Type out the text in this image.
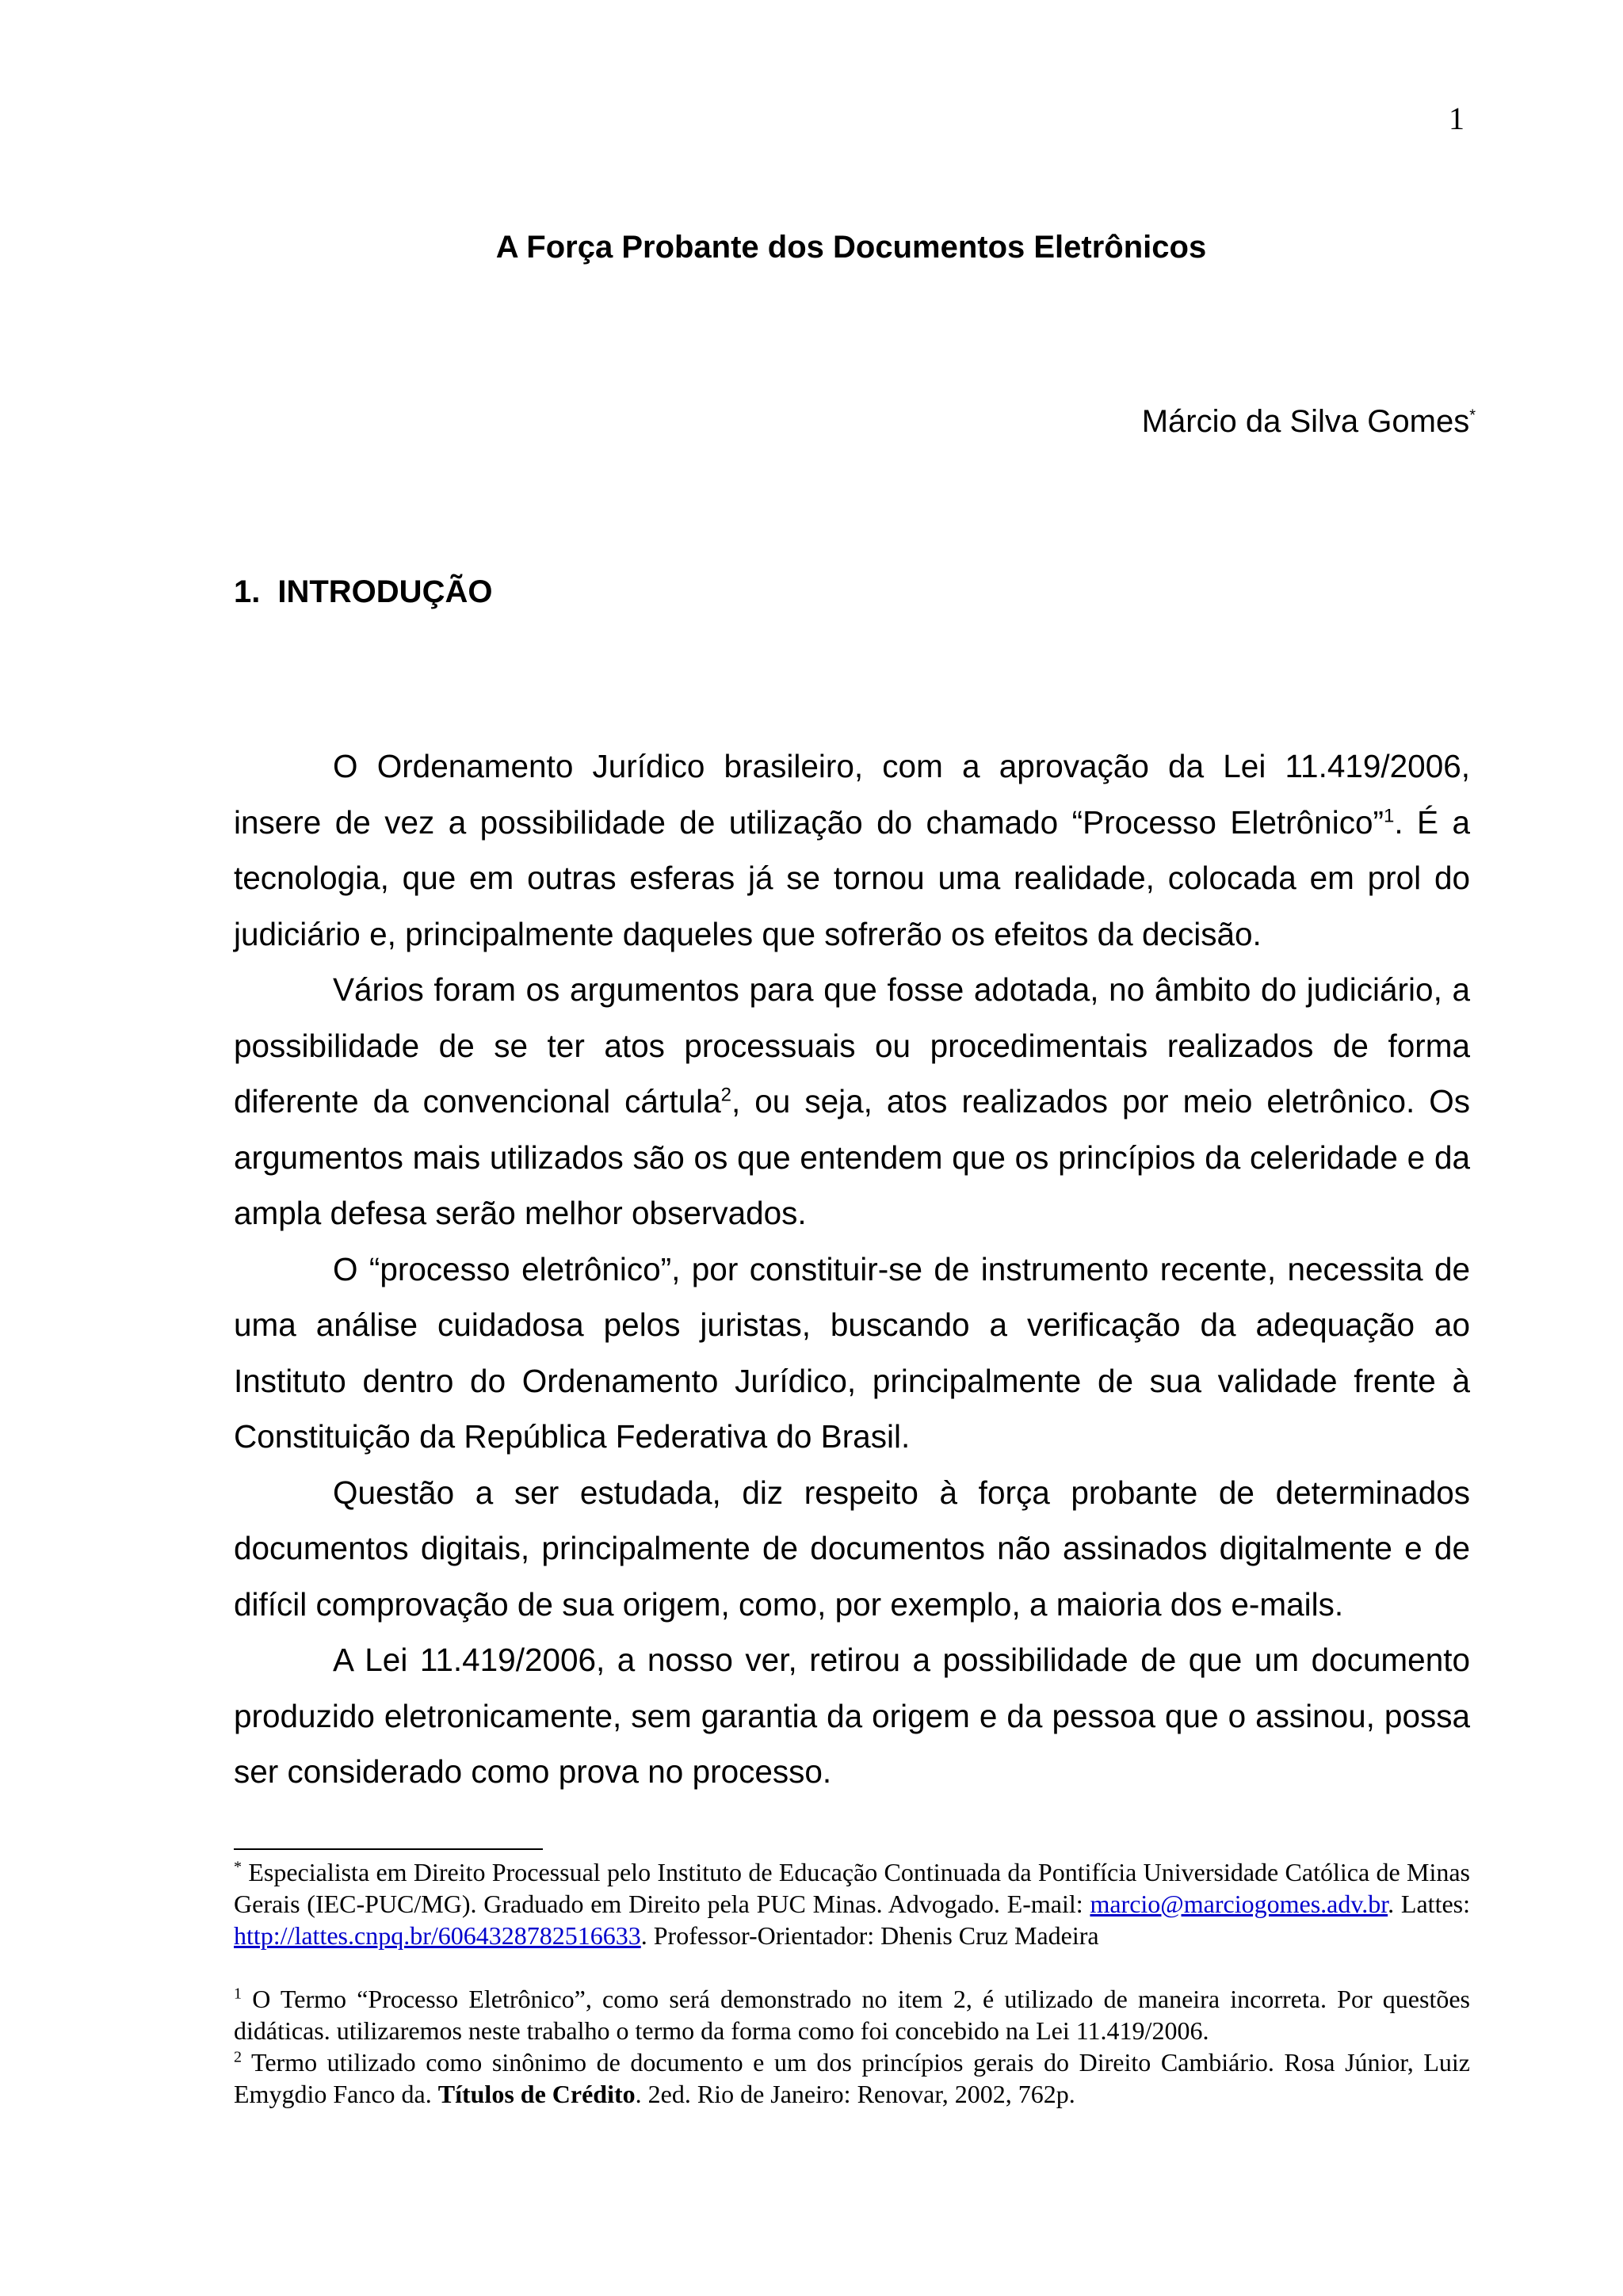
1
A Força Probante dos Documentos Eletrônicos
Márcio da Silva Gomes*
1. INTRODUÇÃO

O Ordenamento Jurídico brasileiro, com a aprovação da Lei 11.419/2006, insere de vez a possibilidade de utilização do chamado “Processo Eletrônico”$^1$. É a tecnologia, que em outras esferas já se tornou uma realidade, colocada em prol do judiciário e, principalmente daqueles que sofrerão os efeitos da decisão.

Vários foram os argumentos para que fosse adotada, no âmbito do judiciário, a possibilidade de se ter atos processuais ou procedimentais realizados de forma diferente da convencional cártula$^2$, ou seja, atos realizados por meio eletrônico. Os argumentos mais utilizados são os que entendem que os princípios da celeridade e da ampla defesa serão melhor observados.

O “processo eletrônico”, por constituir-se de instrumento recente, necessita de uma análise cuidadosa pelos juristas, buscando a verificação da adequação ao Instituto dentro do Ordenamento Jurídico, principalmente de sua validade frente à Constituição da República Federativa do Brasil.

Questão a ser estudada, diz respeito à força probante de determinados documentos digitais, principalmente de documentos não assinados digitalmente e de difícil comprovação de sua origem, como, por exemplo, a maioria dos e-mails.

A Lei 11.419/2006, a nosso ver, retirou a possibilidade de que um documento produzido eletronicamente, sem garantia da origem e da pessoa que o assinou, possa ser considerado como prova no processo.

* Especialista em Direito Processual pelo Instituto de Educação Continuada da Pontifícia Universidade Católica de Minas Gerais (IEC-PUC/MG). Graduado em Direito pela PUC Minas. Advogado. E-mail: marcio@marciogomes.adv.br. Lattes: http://lattes.cnpq.br/6064328782516633. Professor-Orientador: Dhenis Cruz Madeira

$^1$ O Termo “Processo Eletrônico”, como será demonstrado no item 2, é utilizado de maneira incorreta. Por questões didáticas. utilizaremos neste trabalho o termo da forma como foi concebido na Lei 11.419/2006.

$^2$ Termo utilizado como sinônimo de documento e um dos princípios gerais do Direito Cambiário. Rosa Júnior, Luiz Emygdio Fanco da. Títulos de Crédito. 2ed. Rio de Janeiro: Renovar, 2002, 762p.
